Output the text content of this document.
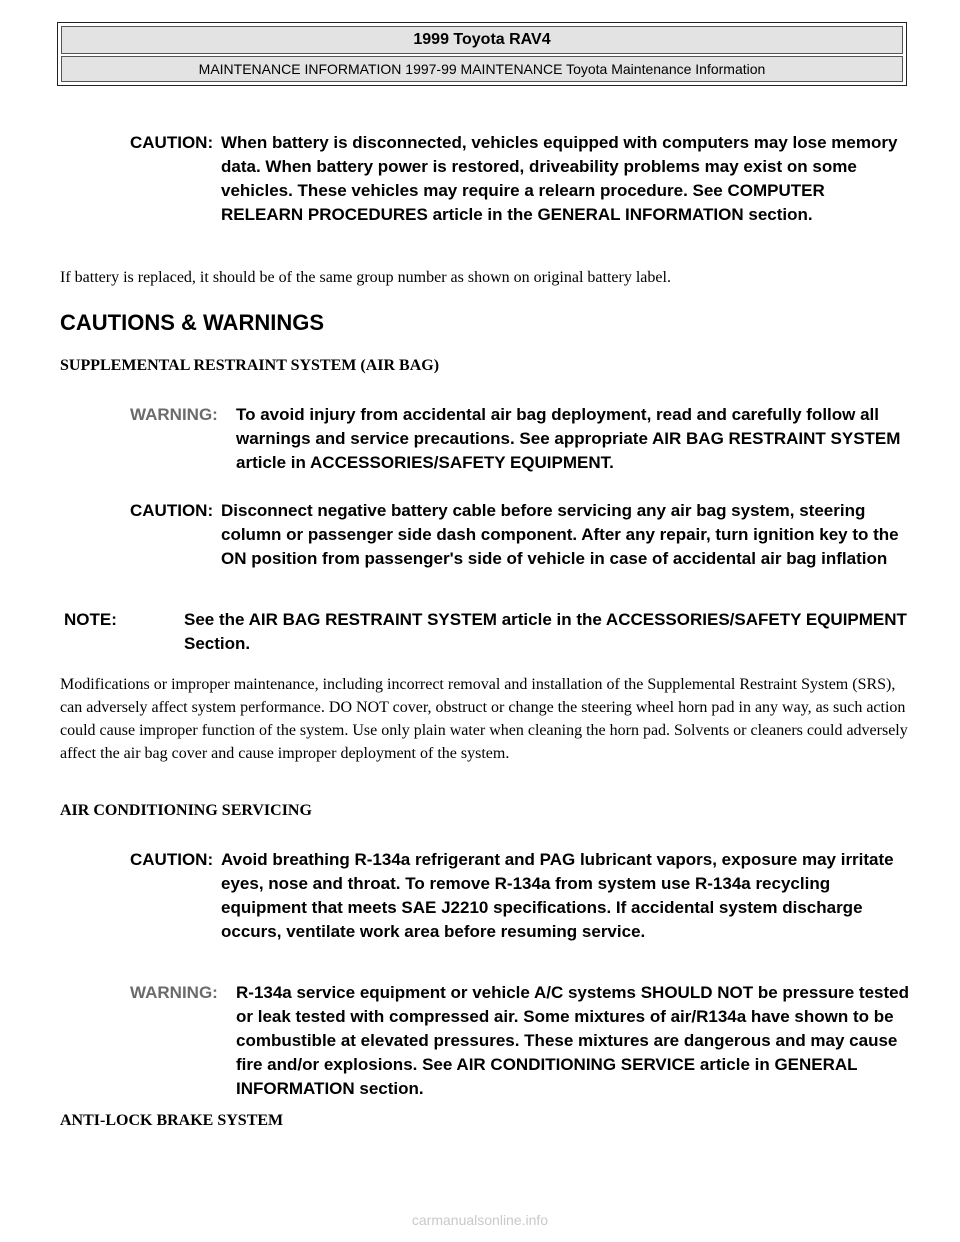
1999 Toyota RAV4
MAINTENANCE INFORMATION 1997-99 MAINTENANCE Toyota Maintenance Information
CAUTION: When battery is disconnected, vehicles equipped with computers may lose memory data. When battery power is restored, driveability problems may exist on some vehicles. These vehicles may require a relearn procedure. See COMPUTER RELEARN PROCEDURES article in the GENERAL INFORMATION section.

If battery is replaced, it should be of the same group number as shown on original battery label.

CAUTIONS & WARNINGS
SUPPLEMENTAL RESTRAINT SYSTEM (AIR BAG)
WARNING:	To avoid injury from accidental air bag deployment, read and carefully follow all warnings and service precautions. See appropriate AIR BAG RESTRAINT SYSTEM article in ACCESSORIES/SAFETY EQUIPMENT.
CAUTION: Disconnect negative battery cable before servicing any air bag system, steering column or passenger side dash component. After any repair, turn ignition key to the ON position from passenger's side of vehicle in case of accidental air bag inflation
NOTE:	See the AIR BAG RESTRAINT SYSTEM article in the ACCESSORIES/SAFETY EQUIPMENT Section.

Modifications or improper maintenance, including incorrect removal and installation of the Supplemental Restraint System (SRS), can adversely affect system performance. DO NOT cover, obstruct or change the steering wheel horn pad in any way, as such action could cause improper function of the system. Use only plain water when cleaning the horn pad. Solvents or cleaners could adversely affect the air bag cover and cause improper deployment of the system.

AIR CONDITIONING SERVICING
CAUTION: Avoid breathing R-134a refrigerant and PAG lubricant vapors, exposure may irritate eyes, nose and throat. To remove R-134a from system use R-134a recycling equipment that meets SAE J2210 specifications. If accidental system discharge occurs, ventilate work area before resuming service.
WARNING:	R-134a service equipment or vehicle A/C systems SHOULD NOT be pressure tested or leak tested with compressed air. Some mixtures of air/R134a have shown to be combustible at elevated pressures. These mixtures are dangerous and may cause fire and/or explosions. See AIR CONDITIONING SERVICE article in GENERAL INFORMATION section.
ANTI-LOCK BRAKE SYSTEM
carmanualsonline.info
